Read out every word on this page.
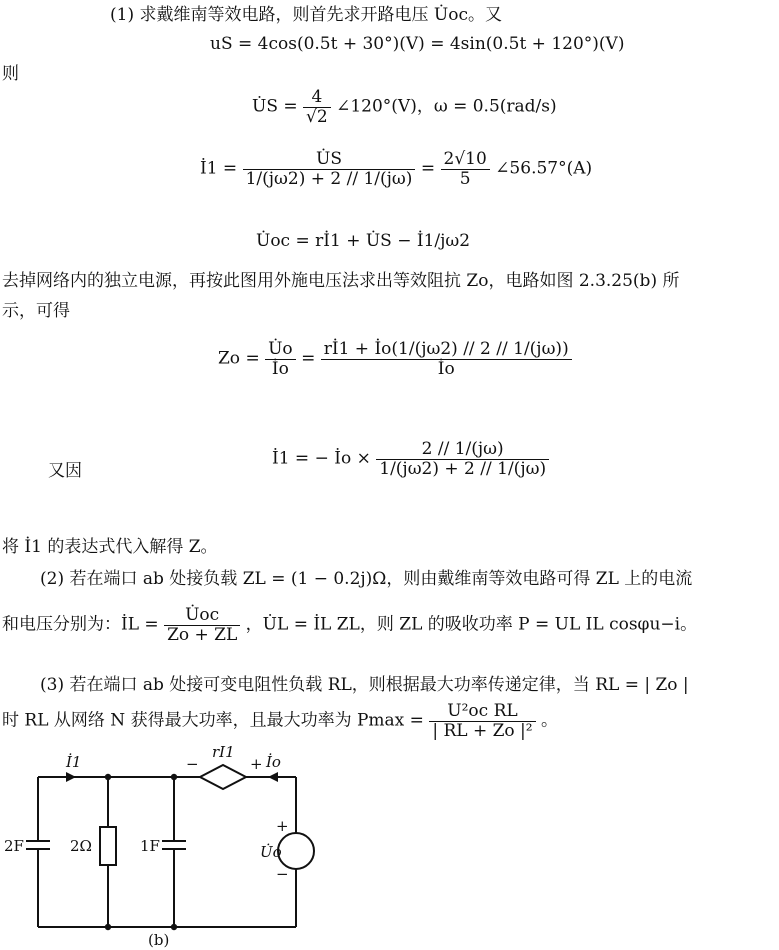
(1) 求戴维南等效电路，则首先求开路电压 U̇oc。又
uS = 4cos(0.5t + 30°)(V) = 4sin(0.5t + 120°)(V)
则
U̇S = $\frac{4}{√2}$ ∠120°(V)，ω = 0.5(rad/s)
İ1 = $\frac{U̇S}{1/(j\omega 2) + 2 // 1/(j\omega)} = \frac{2√10}{5}$ ∠56.57°(A)
U̇oc = rİ1 + U̇S − İ1/jω2
去掉网络内的独立电源，再按此图用外施电压法求出等效阻抗 Zo，电路如图 2.3.25(b) 所
示，可得
$Zo = \frac{U̇o}{İo} = \frac{rİ1 + İo(1/(j\omega 2) // 2 // 1/(j\omega))}{İo}$
又因
İ1 = − İo × $\frac{2 // 1/(j\omega)}{1/(j\omega 2) + 2 // 1/(j\omega)}$
将 İ1 的表达式代入解得 Z。
(2) 若在端口 ab 处接负载 ZL = (1 − 0.2j)Ω，则由戴维南等效电路可得 ZL 上的电流
和电压分别为：İL = $\frac{U̇oc}{Zo + ZL}$ ，U̇L = İL ZL，则 ZL 的吸收功率 P = UL IL cosφu−i。
(3) 若在端口 ab 处接可变电阻性负载 RL，则根据最大功率传递定律，当 RL = | Zo |
时 RL 从网络 N 获得最大功率，且最大功率为 $Pmax = \frac{\text{U²oc RL}}{\text{| RL + Zo |²}}$ 。
İ1
rI1
−	+ İo
2F	2Ω	1F	U̇o
+
−
(b)
